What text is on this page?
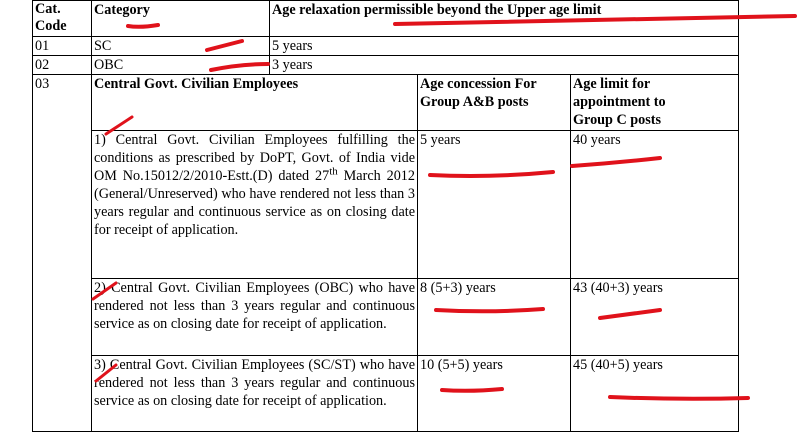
Cat.
Code	Category	Age relaxation permissible beyond the Upper age limit		
01	SC	5 years		
02	OBC	3 years		
03	Central Govt. Civilian Employees		Age concession For Group A&B posts	Age limit for
appointment to
Group C posts
	1) Central Govt. Civilian Employees fulfilling the conditions as prescribed by DoPT, Govt. of India vide OM No.15012/2/2010-Estt.(D) dated 27th March 2012 (General/Unreserved) who have rendered not less than 3 years regular and continuous service as on closing date for receipt of application.		5 years	40 years
	2) Central Govt. Civilian Employees (OBC) who have rendered not less than 3 years regular and continuous service as on closing date for receipt of application.		8 (5+3) years	43 (40+3) years
	3) Central Govt. Civilian Employees (SC/ST) who have rendered not less than 3 years regular and continuous service as on closing date for receipt of application.		10 (5+5) years	45 (40+5) years
